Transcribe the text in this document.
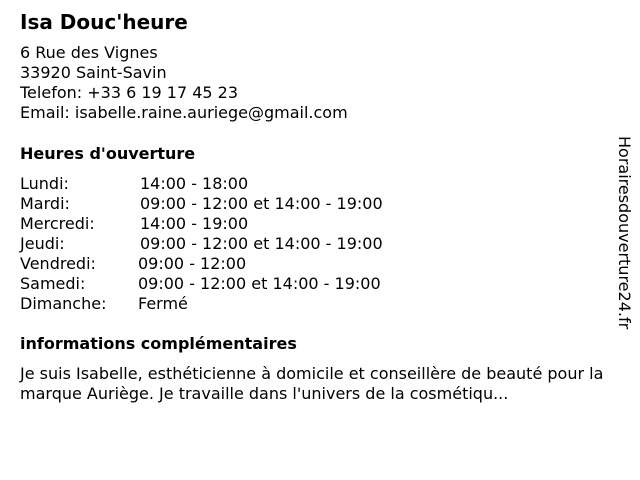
Isa Douc'heure
6 Rue des Vignes
33920 Saint-Savin
Telefon: +33 6 19 17 45 23
Email: isabelle.raine.auriege@gmail.com
Heures d'ouverture
Lundi:	14:00 - 18:00
Mardi:	09:00 - 12:00 et 14:00 - 19:00
Mercredi:	14:00 - 19:00
Jeudi:	09:00 - 12:00 et 14:00 - 19:00
Vendredi:	09:00 - 12:00
Samedi:	09:00 - 12:00 et 14:00 - 19:00
Dimanche: Fermé
informations complémentaires

Je suis Isabelle, esthéticienne à domicile et conseillère de beauté pour la marque Auriège. Je travaille dans l'univers de la cosmétiqu...

Horairesdouverture24.fr
